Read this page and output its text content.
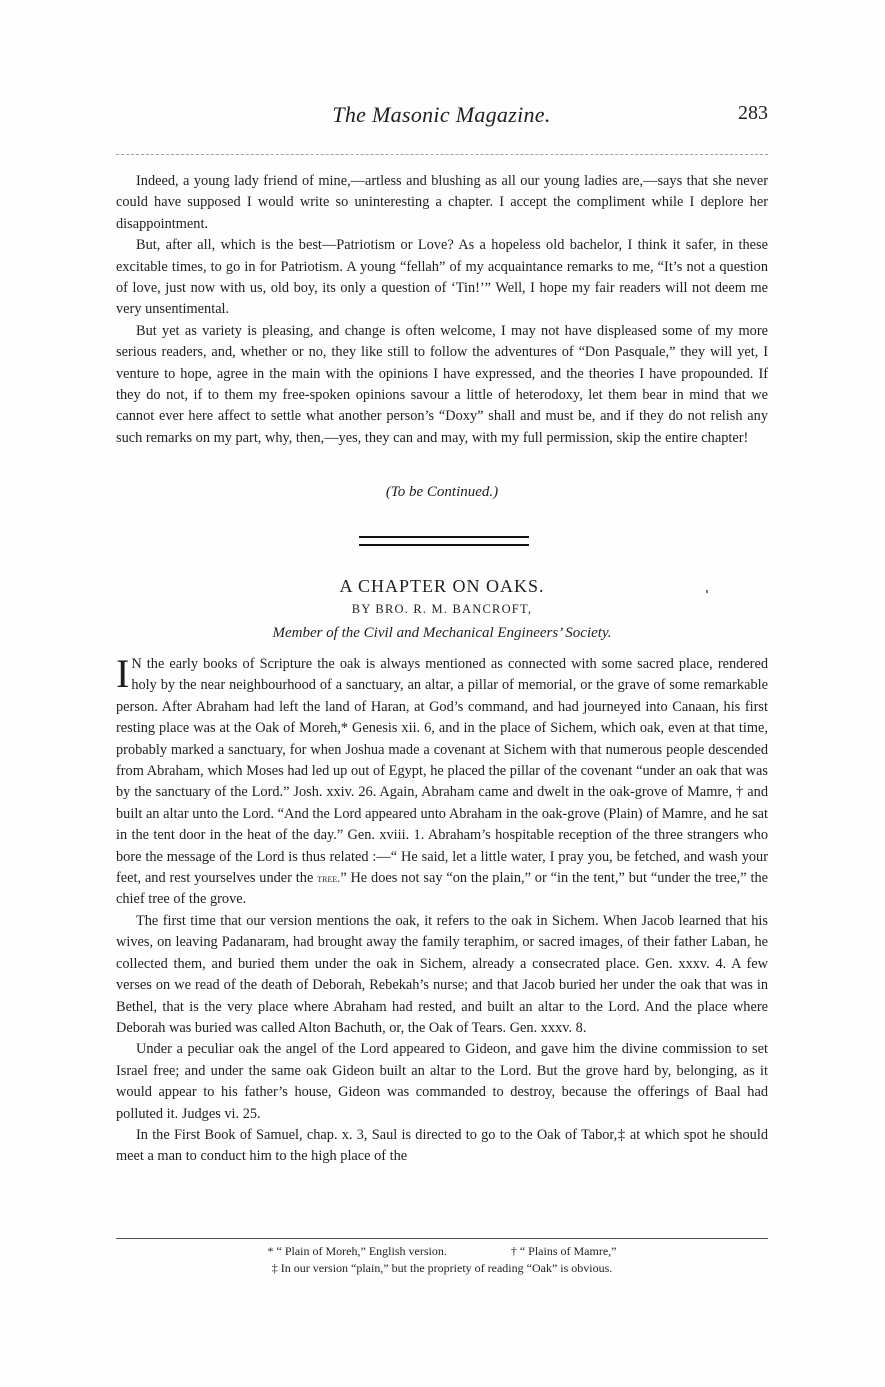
The Masonic Magazine.	283

Indeed, a young lady friend of mine,—artless and blushing as all our young ladies are,—says that she never could have supposed I would write so uninteresting a chapter. I accept the compliment while I deplore her disappointment.

But, after all, which is the best—Patriotism or Love? As a hopeless old bachelor, I think it safer, in these excitable times, to go in for Patriotism. A young “fellah” of my acquaintance remarks to me, “It’s not a question of love, just now with us, old boy, its only a question of ‘Tin!’” Well, I hope my fair readers will not deem me very unsentimental.

But yet as variety is pleasing, and change is often welcome, I may not have displeased some of my more serious readers, and, whether or no, they like still to follow the adventures of “Don Pasquale,” they will yet, I venture to hope, agree in the main with the opinions I have expressed, and the theories I have propounded. If they do not, if to them my free-spoken opinions savour a little of heterodoxy, let them bear in mind that we cannot ever here affect to settle what another person’s “Doxy” shall and must be, and if they do not relish any such remarks on my part, why, then,—yes, they can and may, with my full permission, skip the entire chapter!

(To be Continued.)
A CHAPTER ON OAKS.
BY BRO. R. M. BANCROFT,
Member of the Civil and Mechanical Engineers’ Society.

I N the early books of Scripture the oak is always mentioned as connected with some sacred place, rendered holy by the near neighbourhood of a sanctuary, an altar, a pillar of memorial, or the grave of some remarkable person. After Abraham had left the land of Haran, at God’s command, and had journeyed into Canaan, his first resting place was at the Oak of Moreh,* Genesis xii. 6, and in the place of Sichem, which oak, even at that time, probably marked a sanctuary, for when Joshua made a covenant at Sichem with that numerous people descended from Abraham, which Moses had led up out of Egypt, he placed the pillar of the covenant “under an oak that was by the sanctuary of the Lord.” Josh. xxiv. 26. Again, Abraham came and dwelt in the oak-grove of Mamre, † and built an altar unto the Lord. “And the Lord appeared unto Abraham in the oak-grove (Plain) of Mamre, and he sat in the tent door in the heat of the day.” Gen. xviii. 1. Abraham’s hospitable reception of the three strangers who bore the message of the Lord is thus related :—“ He said, let a little water, I pray you, be fetched, and wash your feet, and rest yourselves under the tree.” He does not say “on the plain,” or “in the tent,” but “under the tree,” the chief tree of the grove.

The first time that our version mentions the oak, it refers to the oak in Sichem. When Jacob learned that his wives, on leaving Padanaram, had brought away the family teraphim, or sacred images, of their father Laban, he collected them, and buried them under the oak in Sichem, already a consecrated place. Gen. xxxv. 4. A few verses on we read of the death of Deborah, Rebekah’s nurse; and that Jacob buried her under the oak that was in Bethel, that is the very place where Abraham had rested, and built an altar to the Lord. And the place where Deborah was buried was called Alton Bachuth, or, the Oak of Tears. Gen. xxxv. 8.

Under a peculiar oak the angel of the Lord appeared to Gideon, and gave him the divine commission to set Israel free; and under the same oak Gideon built an altar to the Lord. But the grove hard by, belonging, as it would appear to his father’s house, Gideon was commanded to destroy, because the offerings of Baal had polluted it. Judges vi. 25.

In the First Book of Samuel, chap. x. 3, Saul is directed to go to the Oak of Tabor,‡ at which spot he should meet a man to conduct him to the high place of the

* “ Plain of Moreh,” English version.	† “ Plains of Mamre,”
‡ In our version “plain,” but the propriety of reading “Oak” is obvious.
